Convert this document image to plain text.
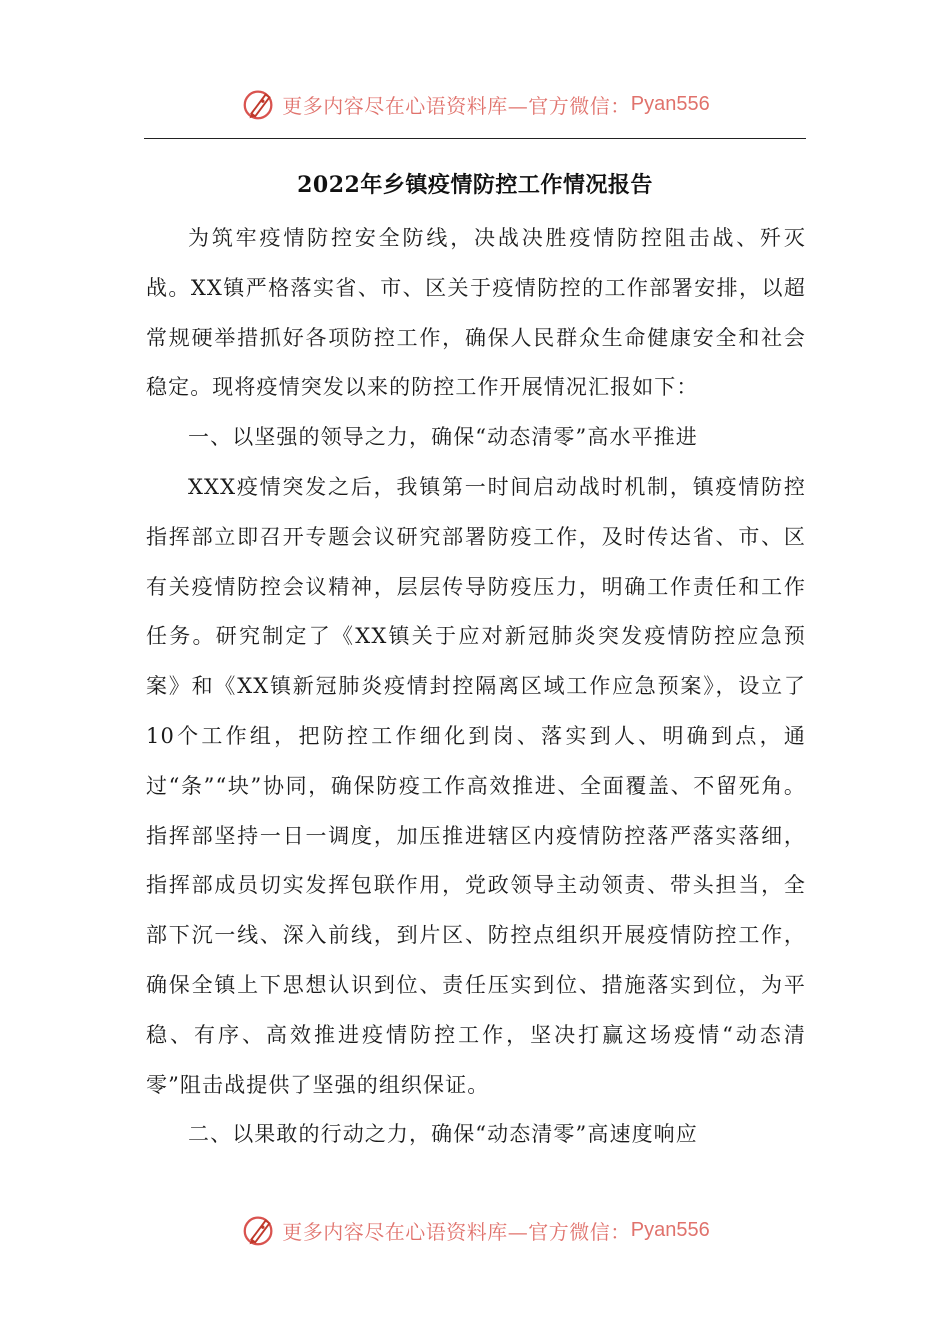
更多内容尽在心语资料库—官方微信： Pyan556
2022年乡镇疫情防控工作情况报告

为筑牢疫情防控安全防线，决战决胜疫情防控阻击战、歼灭战。XX镇严格落实省、市、区关于疫情防控的工作部署安排，以超常规硬举措抓好各项防控工作，确保人民群众生命健康安全和社会稳定。现将疫情突发以来的防控工作开展情况汇报如下：

一、以坚强的领导之力，确保“动态清零”高水平推进

XXX疫情突发之后，我镇第一时间启动战时机制，镇疫情防控指挥部立即召开专题会议研究部署防疫工作，及时传达省、市、区有关疫情防控会议精神，层层传导防疫压力，明确工作责任和工作任务。研究制定了《XX镇关于应对新冠肺炎突发疫情防控应急预案》和《XX镇新冠肺炎疫情封控隔离区域工作应急预案》，设立了10个工作组，把防控工作细化到岗、落实到人、明确到点，通过“条”“块”协同，确保防疫工作高效推进、全面覆盖、不留死角。指挥部坚持一日一调度，加压推进辖区内疫情防控落严落实落细，指挥部成员切实发挥包联作用，党政领导主动领责、带头担当，全部下沉一线、深入前线，到片区、防控点组织开展疫情防控工作，确保全镇上下思想认识到位、责任压实到位、措施落实到位，为平稳、有序、高效推进疫情防控工作，坚决打赢这场疫情“动态清零”阻击战提供了坚强的组织保证。

二、以果敢的行动之力，确保“动态清零”高速度响应

更多内容尽在心语资料库—官方微信： Pyan556
